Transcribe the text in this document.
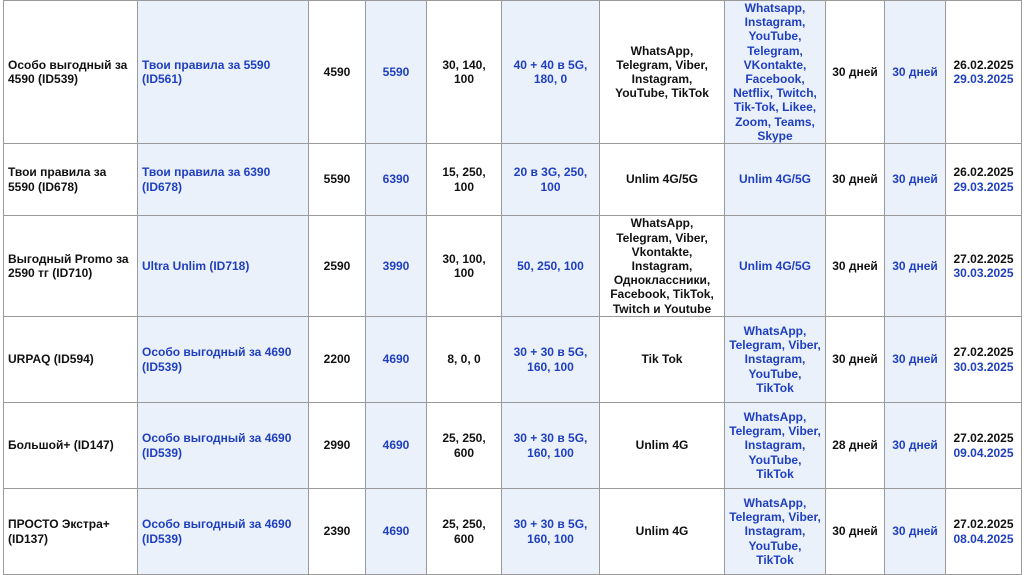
Особо выгодный за 4590 (ID539)	Твои правила за 5590 (ID561)	4590	5590	30, 140, 100	40 + 40 в 5G, 180, 0	WhatsApp, Telegram, Viber, Instagram, YouTube, TikTok	Whatsapp, Instagram, YouTube, Telegram, VKontakte, Facebook, Netflix, Twitch, Tik-Tok, Likee, Zoom, Teams, Skype	30 дней	30 дней	26.02.2025
29.03.2025

Твои правила за 5590 (ID678)	Твои правила за 6390 (ID678)	5590	6390	15, 250, 100	20 в 3G, 250, 100	Unlim 4G/5G	Unlim 4G/5G	30 дней	30 дней	26.02.2025
29.03.2025

Выгодный Promo за 2590 тг (ID710)	Ultra Unlim (ID718)	2590	3990	30, 100, 100	50, 250, 100	WhatsApp, Telegram, Viber, Vkontakte, Instagram, Одноклассники, Facebook, TikTok, Twitch и Youtube	Unlim 4G/5G	30 дней	30 дней	27.02.2025
30.03.2025

URPAQ (ID594)	Особо выгодный за 4690 (ID539)	2200	4690	8, 0, 0	30 + 30 в 5G, 160, 100	Tik Tok	WhatsApp, Telegram, Viber, Instagram, YouTube, TikTok	30 дней	30 дней	27.02.2025
30.03.2025

Большой+ (ID147)	Особо выгодный за 4690 (ID539)	2990	4690	25, 250, 600	30 + 30 в 5G, 160, 100	Unlim 4G	WhatsApp, Telegram, Viber, Instagram, YouTube, TikTok	28 дней	30 дней	27.02.2025
09.04.2025

ПРОСТО Экстра+ (ID137)	Особо выгодный за 4690 (ID539)	2390	4690	25, 250, 600	30 + 30 в 5G, 160, 100	Unlim 4G	WhatsApp, Telegram, Viber, Instagram, YouTube, TikTok	30 дней	30 дней	27.02.2025
08.04.2025
